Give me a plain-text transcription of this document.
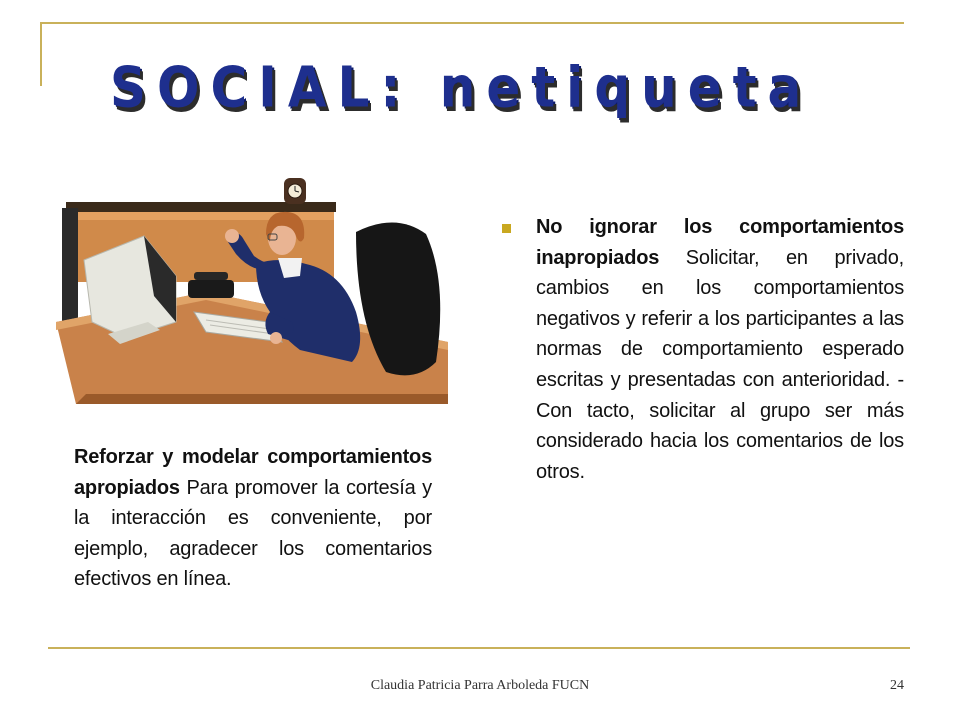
SOCIAL: netiqueta
No ignorar los comportamientos inapropiados Solicitar, en privado, cambios en los comportamientos negativos y referir a los participantes a las normas de comportamiento esperado escritas y presentadas con anterioridad. - Con tacto, solicitar al grupo ser más considerado hacia los comentarios de los otros.
Reforzar y modelar comportamientos apropiados Para promover la cortesía y la interacción es conveniente, por ejemplo, agradecer los comentarios efectivos en línea.
Claudia Patricia Parra Arboleda FUCN	24
